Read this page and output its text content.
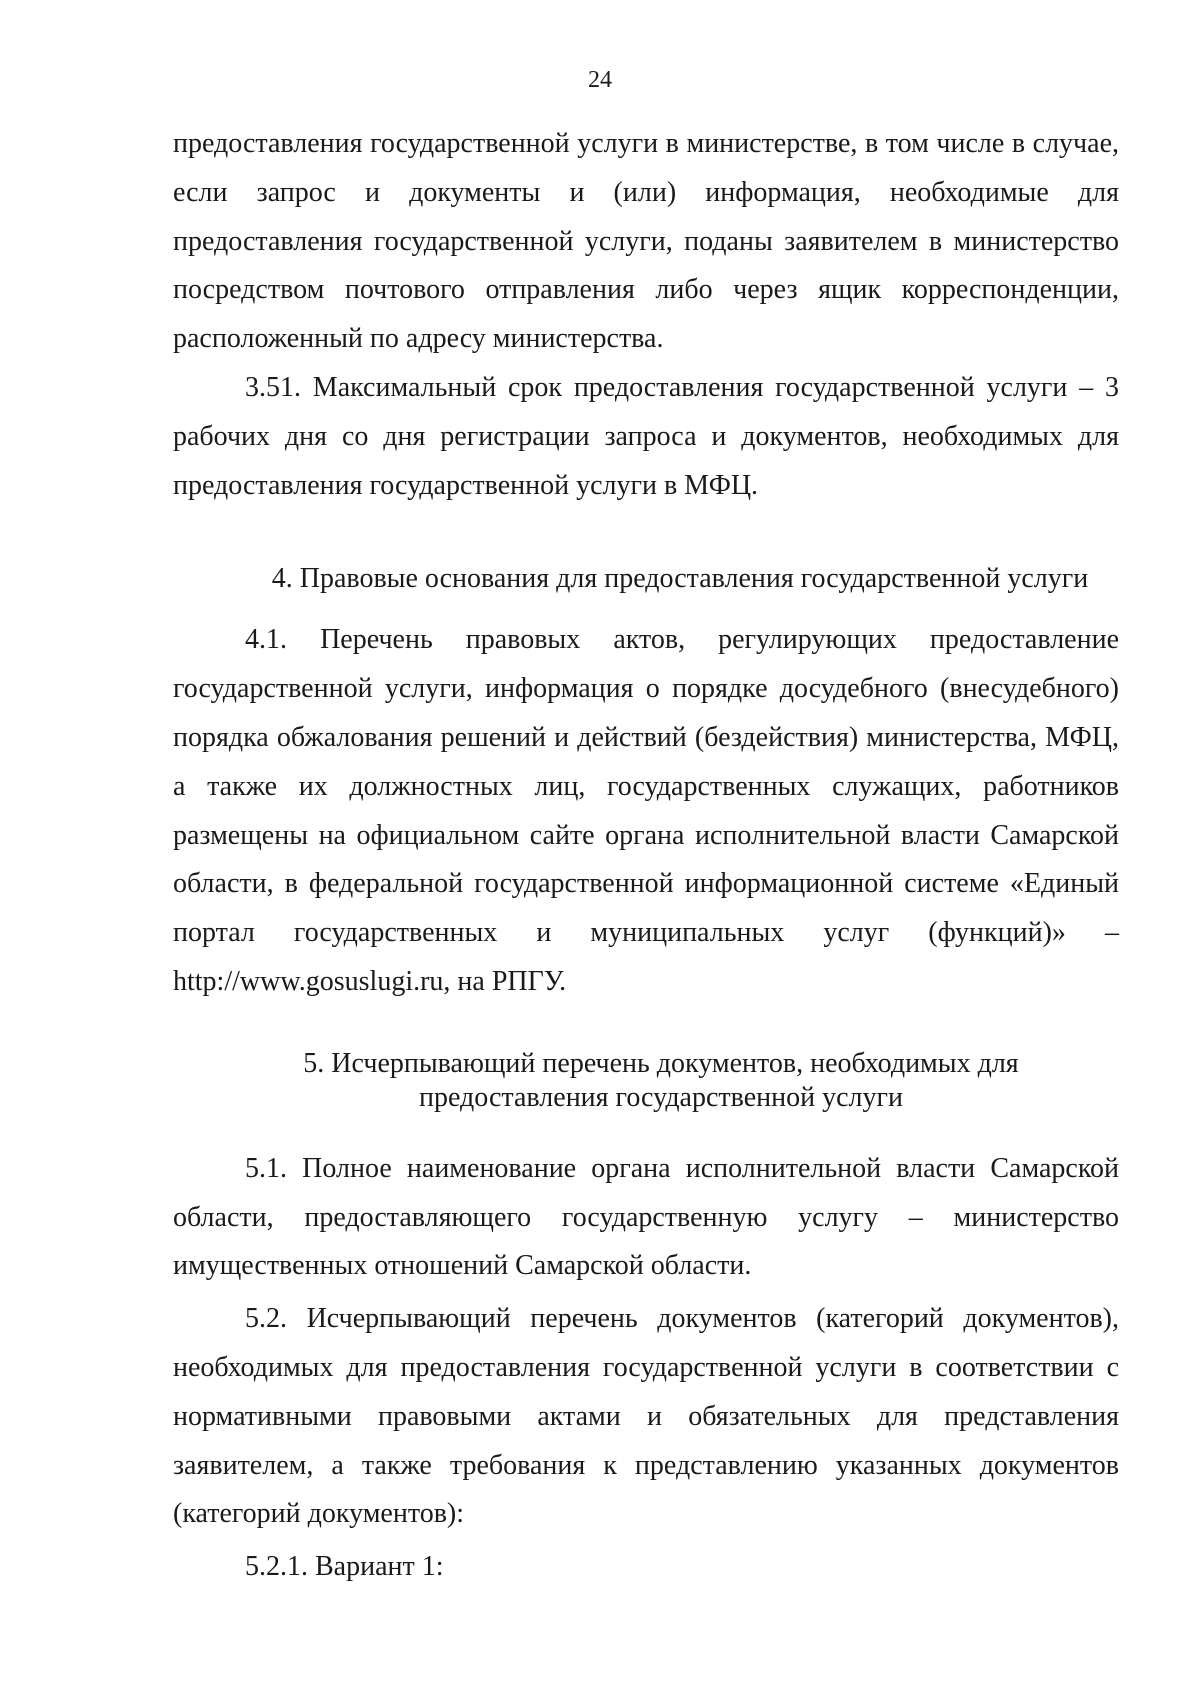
24

предоставления государственной услуги в министерстве, в том числе в случае, если запрос и документы и (или) информация, необходимые для предоставления государственной услуги, поданы заявителем в министерство посредством почтового отправления либо через ящик корреспонденции, расположенный по адресу министерства.

3.51. Максимальный срок предоставления государственной услуги – 3 рабочих дня со дня регистрации запроса и документов, необходимых для предоставления государственной услуги в МФЦ.

4. Правовые основания для предоставления государственной услуги

4.1. Перечень правовых актов, регулирующих предоставление государственной услуги, информация о порядке досудебного (внесудебного) порядка обжалования решений и действий (бездействия) министерства, МФЦ, а также их должностных лиц, государственных служащих, работников размещены на официальном сайте органа исполнительной власти Самарской области, в федеральной государственной информационной системе «Единый портал государственных и муниципальных услуг (функций)» –

http://www.gosuslugi.ru, на РПГУ.

5. Исчерпывающий перечень документов, необходимых для
предоставления государственной услуги

5.1. Полное наименование органа исполнительной власти Самарской области, предоставляющего государственную услугу – министерство имущественных отношений Самарской области.

5.2. Исчерпывающий перечень документов (категорий документов), необходимых для предоставления государственной услуги в соответствии с нормативными правовыми актами и обязательных для представления заявителем, а также требования к представлению указанных документов (категорий документов):

5.2.1. Вариант 1:
